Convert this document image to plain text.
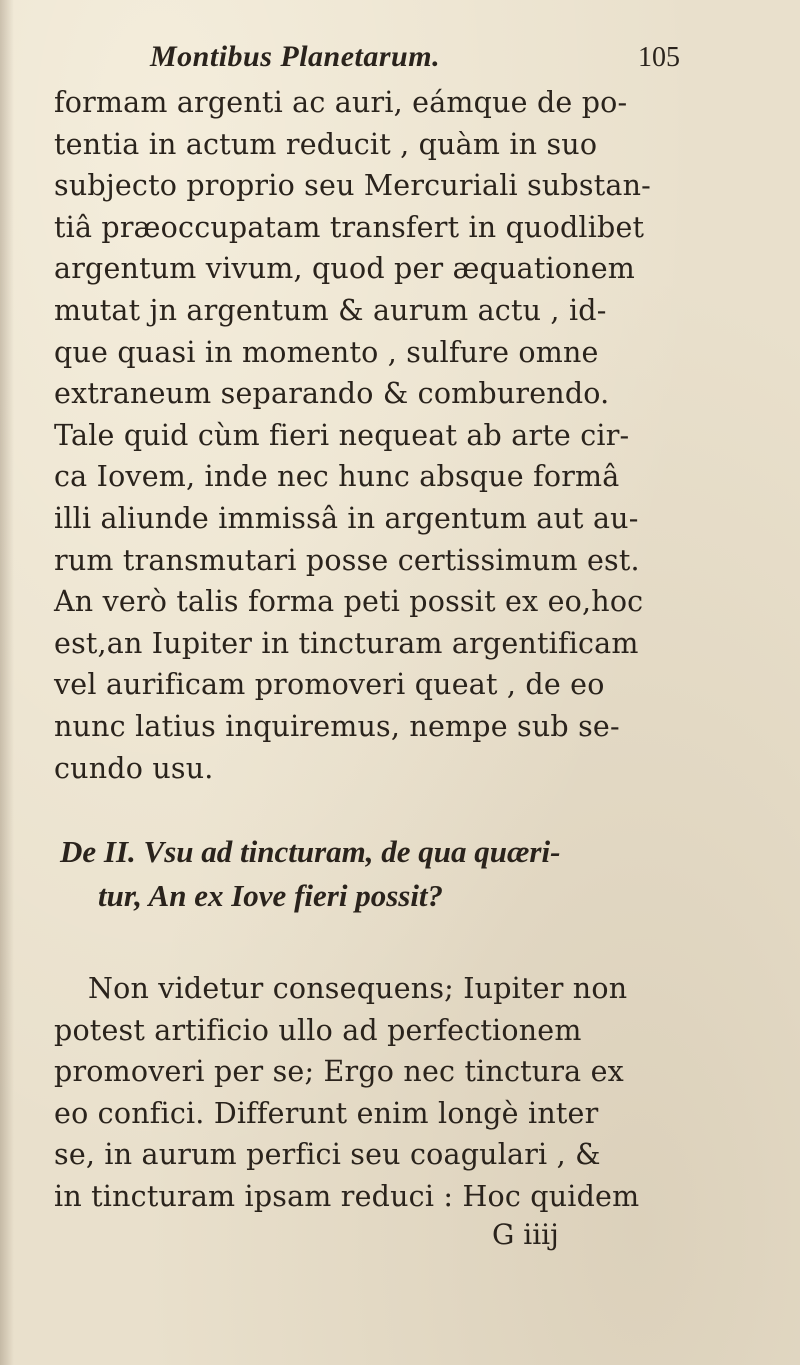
Montibus Planetarum.	105
formam argenti ac auri, eámque de po-
tentia in actum reducit , quàm in suo
subjecto proprio seu Mercuriali substan-
tiâ præoccupatam transfert in quodlibet
argentum vivum, quod per æquationem
mutat jn argentum & aurum actu , id-
que quasi in momento , sulfure omne
extraneum separando & comburendo.
Tale quid cùm fieri nequeat ab arte cir-
ca Iovem, inde nec hunc absque formâ
illi aliunde immissâ in argentum aut au-
rum transmutari posse certissimum est.
An verò talis forma peti possit ex eo,hoc
est,an Iupiter in tincturam argentificam
vel aurificam promoveri queat , de eo
nunc latius inquiremus, nempe sub se-
cundo usu.
De II. Vsu ad tincturam, de qua quæri-
tur, An ex Iove fieri possit?
Non videtur consequens; Iupiter non
potest artificio ullo ad perfectionem
promoveri per se; Ergo nec tinctura ex
eo confici. Differunt enim longè inter
se, in aurum perfici seu coagulari , &
in tincturam ipsam reduci : Hoc quidem
G iiij
